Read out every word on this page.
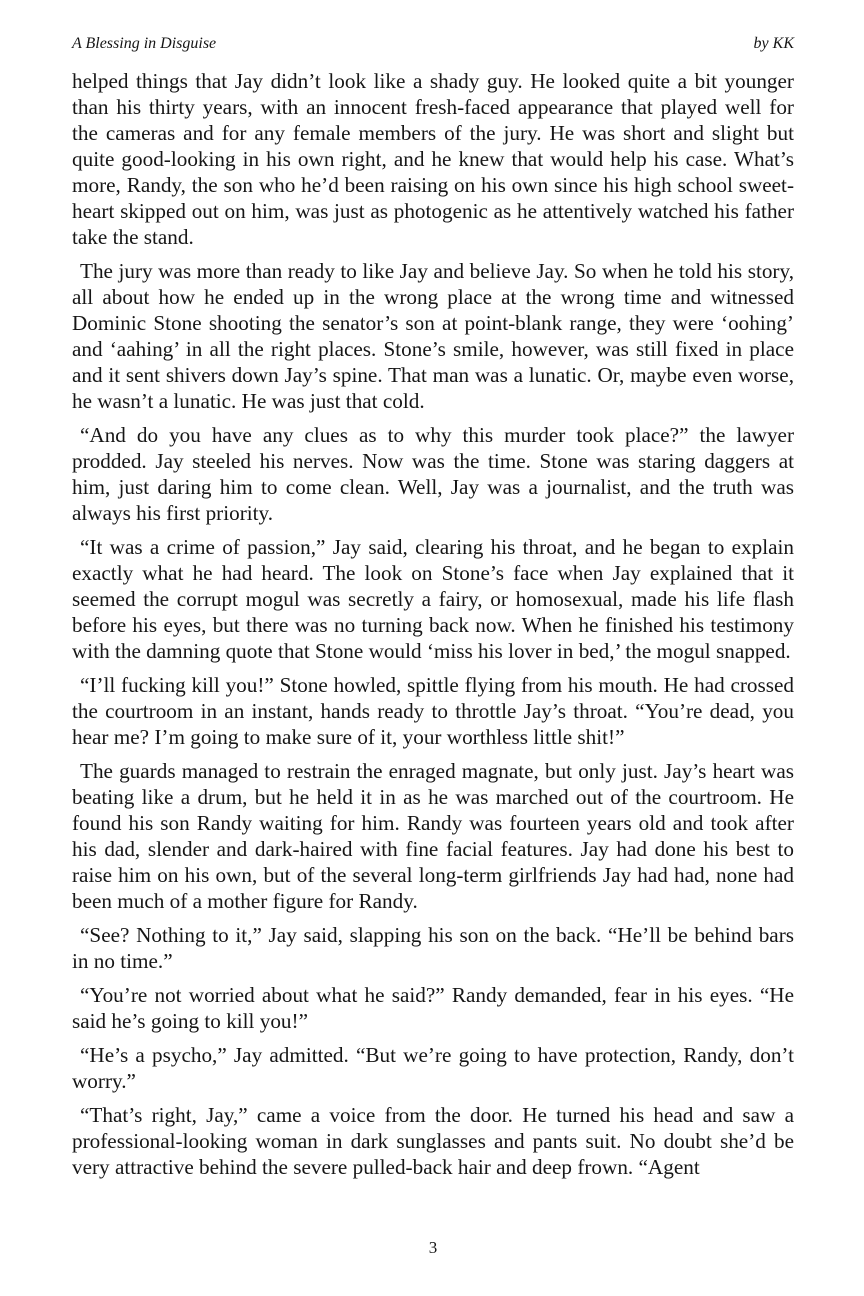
A Blessing in Disguise	by KK

helped things that Jay didn’t look like a shady guy. He looked quite a bit younger than his thirty years, with an innocent fresh-faced appearance that played well for the cameras and for any female members of the jury. He was short and slight but quite good-looking in his own right, and he knew that would help his case. What’s more, Randy, the son who he’d been raising on his own since his high school sweet-heart skipped out on him, was just as photogenic as he attentively watched his father take the stand.

The jury was more than ready to like Jay and believe Jay. So when he told his story, all about how he ended up in the wrong place at the wrong time and witnessed Dominic Stone shooting the senator’s son at point-blank range, they were ‘oohing’ and ‘aahing’ in all the right places. Stone’s smile, however, was still fixed in place and it sent shivers down Jay’s spine. That man was a lunatic. Or, maybe even worse, he wasn’t a lunatic. He was just that cold.

“And do you have any clues as to why this murder took place?” the lawyer prodded. Jay steeled his nerves. Now was the time. Stone was staring daggers at him, just daring him to come clean. Well, Jay was a journalist, and the truth was always his first priority.

“It was a crime of passion,” Jay said, clearing his throat, and he began to explain exactly what he had heard. The look on Stone’s face when Jay explained that it seemed the corrupt mogul was secretly a fairy, or homosexual, made his life flash before his eyes, but there was no turning back now. When he finished his testimony with the damning quote that Stone would ‘miss his lover in bed,’ the mogul snapped.

“I’ll fucking kill you!” Stone howled, spittle flying from his mouth. He had crossed the courtroom in an instant, hands ready to throttle Jay’s throat. “You’re dead, you hear me? I’m going to make sure of it, your worthless little shit!”

The guards managed to restrain the enraged magnate, but only just. Jay’s heart was beating like a drum, but he held it in as he was marched out of the courtroom. He found his son Randy waiting for him. Randy was fourteen years old and took after his dad, slender and dark-haired with fine facial features. Jay had done his best to raise him on his own, but of the several long-term girlfriends Jay had had, none had been much of a mother figure for Randy.

“See? Nothing to it,” Jay said, slapping his son on the back. “He’ll be behind bars in no time.”

“You’re not worried about what he said?” Randy demanded, fear in his eyes. “He said he’s going to kill you!”

“He’s a psycho,” Jay admitted. “But we’re going to have protection, Randy, don’t worry.”

“That’s right, Jay,” came a voice from the door. He turned his head and saw a professional-looking woman in dark sunglasses and pants suit. No doubt she’d be very attractive behind the severe pulled-back hair and deep frown. “Agent

3
